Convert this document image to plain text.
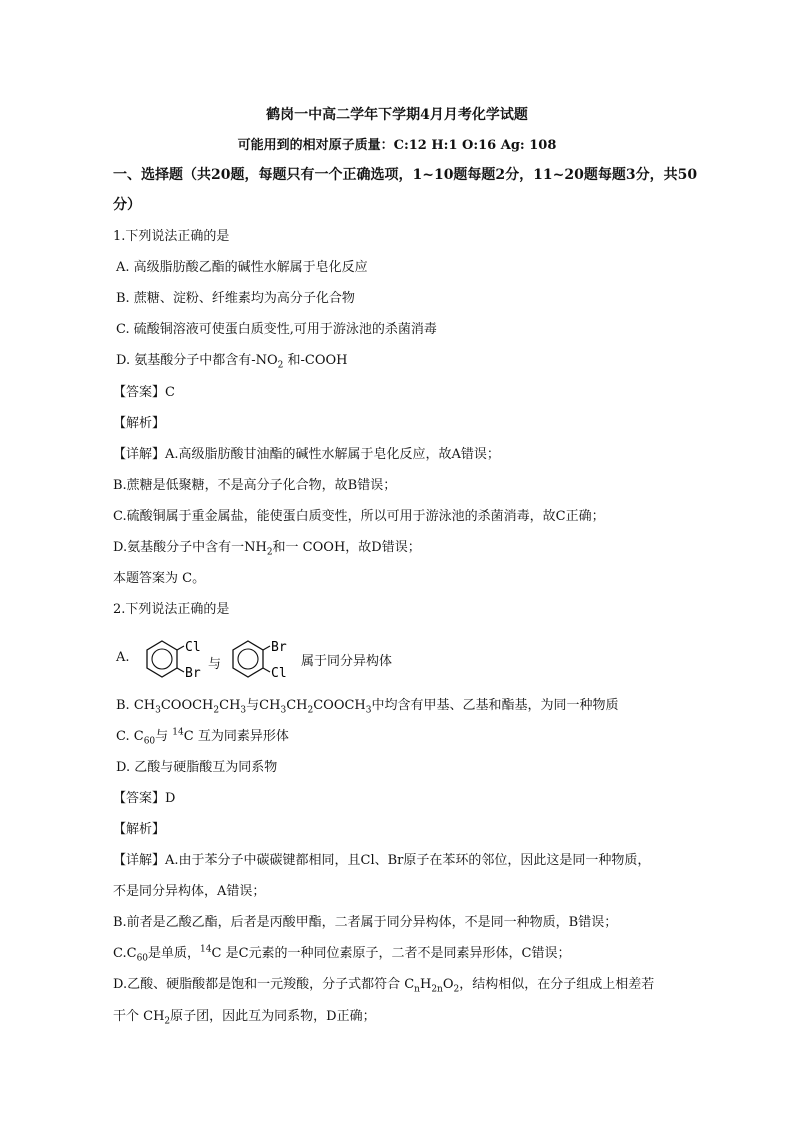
鹤岗一中高二学年下学期4月月考化学试题
可能用到的相对原子质量：C:12 H:1 O:16 Ag: 108
一、选择题（共20题，每题只有一个正确选项，1~10题每题2分，11~20题每题3分，共50
分）
1.下列说法正确的是
A. 高级脂肪酸乙酯的碱性水解属于皂化反应
B. 蔗糖、淀粉、纤维素均为高分子化合物
C. 硫酸铜溶液可使蛋白质变性,可用于游泳池的杀菌消毒
D. 氨基酸分子中都含有$-NO_2$ 和-COOH
【答案】C
【解析】
【详解】A.高级脂肪酸甘油酯的碱性水解属于皂化反应，故A错误；
B.蔗糖是低聚糖，不是高分子化合物，故B错误；
C.硫酸铜属于重金属盐，能使蛋白质变性，所以可用于游泳池的杀菌消毒，故C正确；
D.氨基酸分子中含有一$NH_2$和一 COOH，故D错误；
本题答案为 C。
2.下列说法正确的是
A.
Cl
Br
与
Br
Cl
属于同分异构体
B. $CH_3COOCH_2CH_3$与$CH_3CH_2COOCH_3$中均含有甲基、乙基和酯基，为同一种物质
C. $C_{60}$与 $^{14}$C 互为同素异形体
D. 乙酸与硬脂酸互为同系物
【答案】D
【解析】
【详解】A.由于苯分子中碳碳键都相同，且Cl、Br原子在苯环的邻位，因此这是同一种物质，
不是同分异构体，A错误；
B.前者是乙酸乙酯，后者是丙酸甲酯，二者属于同分异构体，不是同一种物质，B错误；
$C.C_{60}$是单质，$^{14}$C 是C元素的一种同位素原子，二者不是同素异形体，C错误；
D.乙酸、硬脂酸都是饱和一元羧酸，分子式都符合 $C_nH_{2n}O_2$，结构相似，在分子组成上相差若
干个 $CH_2$原子团，因此互为同系物，D正确；
